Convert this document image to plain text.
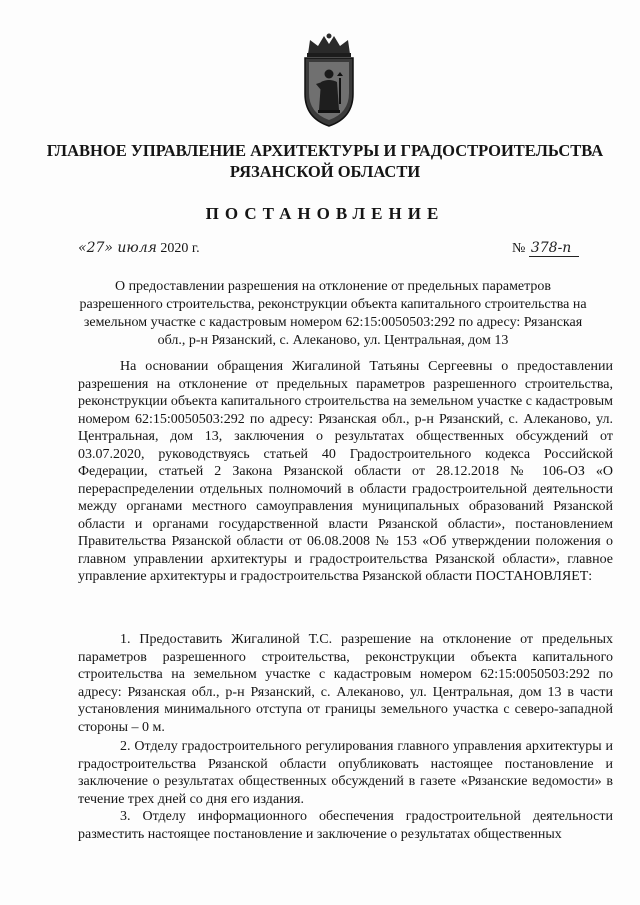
ГЛАВНОЕ УПРАВЛЕНИЕ АРХИТЕКТУРЫ И ГРАДОСТРОИТЕЛЬСТВА
РЯЗАНСКОЙ ОБЛАСТИ
ПОСТАНОВЛЕНИЕ
«27» июля 2020 г.	№ 378-п
О предоставлении разрешения на отклонение от предельных параметров разрешенного строительства, реконструкции объекта капитального строительства на земельном участке с кадастровым номером 62:15:0050503:292 по адресу: Рязанская обл., р-н Рязанский, с. Алеканово, ул. Центральная, дом 13

На основании обращения Жигалиной Татьяны Сергеевны о предоставлении разрешения на отклонение от предельных параметров разрешенного строительства, реконструкции объекта капитального строительства на земельном участке с кадастровым номером 62:15:0050503:292 по адресу: Рязанская обл., р-н Рязанский, с. Алеканово, ул. Центральная, дом 13, заключения о результатах общественных обсуждений от 03.07.2020, руководствуясь статьей 40 Градостроительного кодекса Российской Федерации, статьей 2 Закона Рязанской области от 28.12.2018 № 106-ОЗ «О перераспределении отдельных полномочий в области градостроительной деятельности между органами местного самоуправления муниципальных образований Рязанской области и органами государственной власти Рязанской области», постановлением Правительства Рязанской области от 06.08.2008 № 153 «Об утверждении положения о главном управлении архитектуры и градостроительства Рязанской области», главное управление архитектуры и градостроительства Рязанской области ПОСТАНОВЛЯЕТ:

1. Предоставить Жигалиной Т.С. разрешение на отклонение от предельных параметров разрешенного строительства, реконструкции объекта капитального строительства на земельном участке с кадастровым номером 62:15:0050503:292 по адресу: Рязанская обл., р-н Рязанский, с. Алеканово, ул. Центральная, дом 13 в части установления минимального отступа от границы земельного участка с северо-западной стороны – 0 м.

2. Отделу градостроительного регулирования главного управления архитектуры и градостроительства Рязанской области опубликовать настоящее постановление и заключение о результатах общественных обсуждений в газете «Рязанские ведомости» в течение трех дней со дня его издания.

3. Отделу информационного обеспечения градостроительной деятельности разместить настоящее постановление и заключение о результатах общественных
